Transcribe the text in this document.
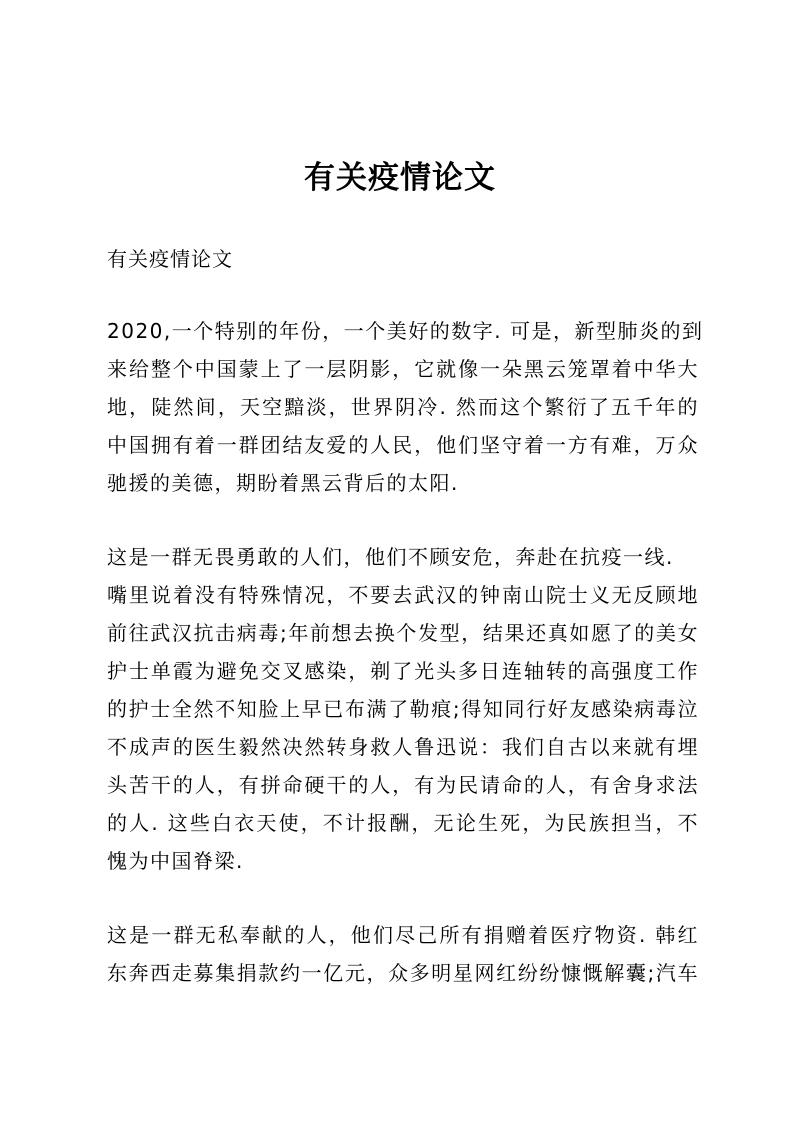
有关疫情论文

有关疫情论文

2020,一个特别的年份，一个美好的数字. 可是，新型肺炎的到
来给整个中国蒙上了一层阴影，它就像一朵黑云笼罩着中华大
地，陡然间，天空黯淡，世界阴冷. 然而这个繁衍了五千年的
中国拥有着一群团结友爱的人民，他们坚守着一方有难，万众
驰援的美德，期盼着黑云背后的太阳.

这是一群无畏勇敢的人们，他们不顾安危，奔赴在抗疫一线.
嘴里说着没有特殊情况，不要去武汉的钟南山院士义无反顾地
前往武汉抗击病毒;年前想去换个发型，结果还真如愿了的美女
护士单霞为避免交叉感染，剃了光头多日连轴转的高强度工作
的护士全然不知脸上早已布满了勒痕;得知同行好友感染病毒泣
不成声的医生毅然决然转身救人鲁迅说：我们自古以来就有埋
头苦干的人，有拼命硬干的人，有为民请命的人，有舍身求法
的人. 这些白衣天使，不计报酬，无论生死，为民族担当，不
愧为中国脊梁.

这是一群无私奉献的人，他们尽己所有捐赠着医疗物资. 韩红
东奔西走募集捐款约一亿元，众多明星网红纷纷慷慨解囊;汽车
